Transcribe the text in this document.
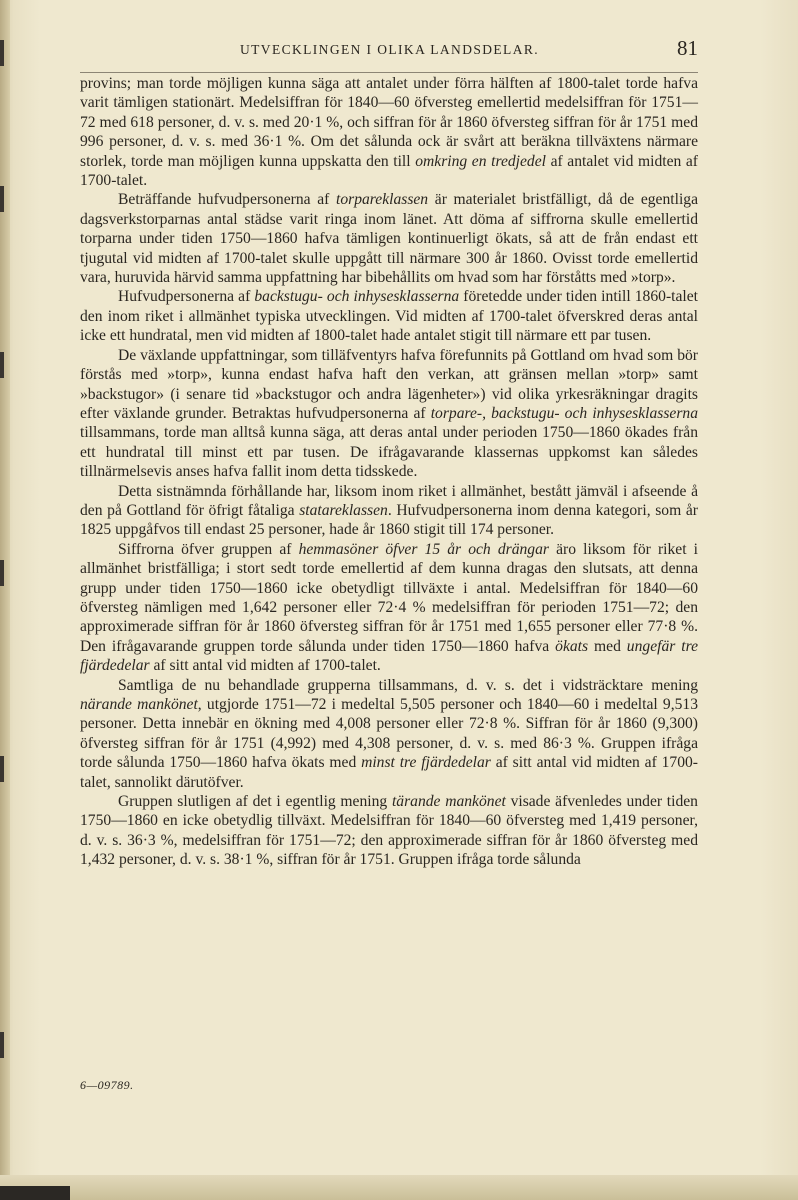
UTVECKLINGEN I OLIKA LANDSDELAR.	81

provins; man torde möjligen kunna säga att antalet under förra hälften af 1800-talet torde hafva varit tämligen stationärt. Medelsiffran för 1840—60 öfversteg emellertid medelsiffran för 1751—72 med 618 personer, d. v. s. med 20·1 %, och siffran för år 1860 öfversteg siffran för år 1751 med 996 personer, d. v. s. med 36·1 %. Om det sålunda ock är svårt att beräkna tillväxtens närmare storlek, torde man möjligen kunna uppskatta den till omkring en tredjedel af antalet vid midten af 1700-talet.

Beträffande hufvudpersonerna af torpareklassen är materialet bristfälligt, då de egentliga dagsverkstorparnas antal städse varit ringa inom länet. Att döma af siffrorna skulle emellertid torparna under tiden 1750—1860 hafva tämligen kontinuerligt ökats, så att de från endast ett tjugutal vid midten af 1700-talet skulle uppgått till närmare 300 år 1860. Ovisst torde emellertid vara, huruvida härvid samma uppfattning har bibehållits om hvad som har förståtts med »torp».

Hufvudpersonerna af backstugu- och inhysesklasserna företedde under tiden intill 1860-talet den inom riket i allmänhet typiska utvecklingen. Vid midten af 1700-talet öfverskred deras antal icke ett hundratal, men vid midten af 1800-talet hade antalet stigit till närmare ett par tusen.

De växlande uppfattningar, som tilläfventyrs hafva förefunnits på Gottland om hvad som bör förstås med »torp», kunna endast hafva haft den verkan, att gränsen mellan »torp» samt »backstugor» (i senare tid »backstugor och andra lägenheter») vid olika yrkesräkningar dragits efter växlande grunder. Betraktas hufvudpersonerna af torpare-, backstugu- och inhysesklasserna tillsammans, torde man alltså kunna säga, att deras antal under perioden 1750—1860 ökades från ett hundratal till minst ett par tusen. De ifrågavarande klassernas uppkomst kan således tillnärmelsevis anses hafva fallit inom detta tidsskede.

Detta sistnämnda förhållande har, liksom inom riket i allmänhet, bestått jämväl i afseende å den på Gottland för öfrigt fåtaliga statareklassen. Hufvudpersonerna inom denna kategori, som år 1825 uppgåfvos till endast 25 personer, hade år 1860 stigit till 174 personer.

Siffrorna öfver gruppen af hemmasöner öfver 15 år och drängar äro liksom för riket i allmänhet bristfälliga; i stort sedt torde emellertid af dem kunna dragas den slutsats, att denna grupp under tiden 1750—1860 icke obetydligt tillväxte i antal. Medelsiffran för 1840—60 öfversteg nämligen med 1,642 personer eller 72·4 % medelsiffran för perioden 1751—72; den approximerade siffran för år 1860 öfversteg siffran för år 1751 med 1,655 personer eller 77·8 %. Den ifrågavarande gruppen torde sålunda under tiden 1750—1860 hafva ökats med ungefär tre fjärdedelar af sitt antal vid midten af 1700-talet.

Samtliga de nu behandlade grupperna tillsammans, d. v. s. det i vidsträcktare mening närande mankönet, utgjorde 1751—72 i medeltal 5,505 personer och 1840—60 i medeltal 9,513 personer. Detta innebär en ökning med 4,008 personer eller 72·8 %. Siffran för år 1860 (9,300) öfversteg siffran för år 1751 (4,992) med 4,308 personer, d. v. s. med 86·3 %. Gruppen ifråga torde sålunda 1750—1860 hafva ökats med minst tre fjärdedelar af sitt antal vid midten af 1700-talet, sannolikt därutöfver.

Gruppen slutligen af det i egentlig mening tärande mankönet visade äfvenledes under tiden 1750—1860 en icke obetydlig tillväxt. Medelsiffran för 1840—60 öfversteg med 1,419 personer, d. v. s. 36·3 %, medelsiffran för 1751—72; den approximerade siffran för år 1860 öfversteg med 1,432 personer, d. v. s. 38·1 %, siffran för år 1751. Gruppen ifråga torde sålunda

6—09789.
